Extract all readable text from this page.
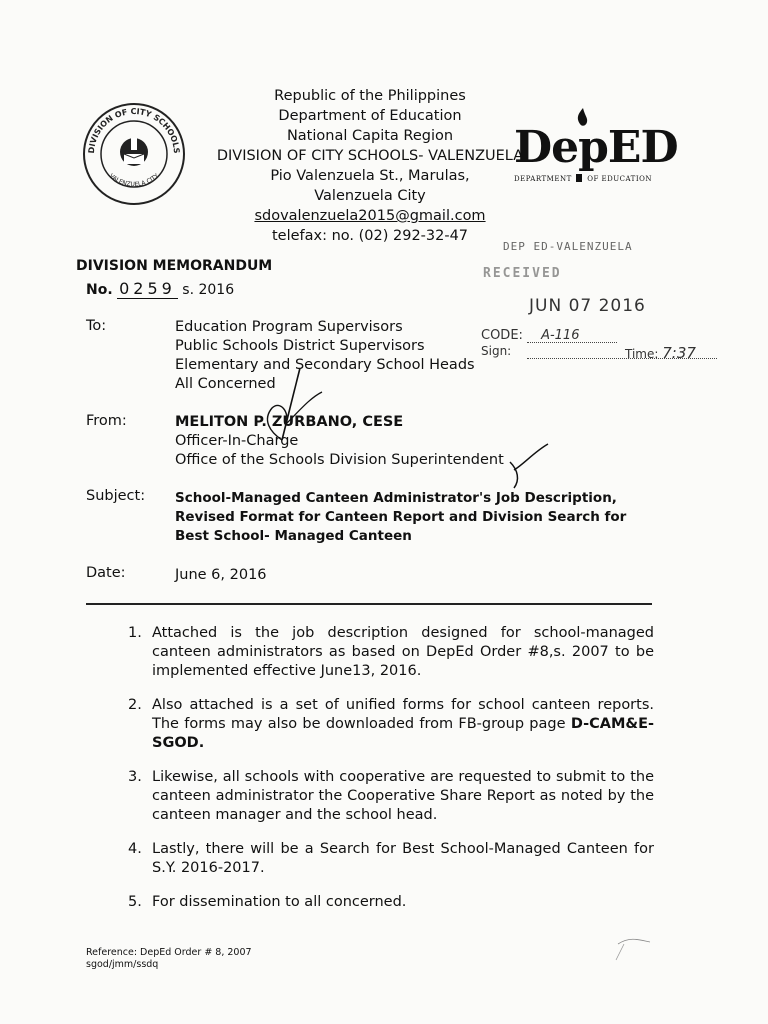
DIVISION OF CITY SCHOOLS
VALENZUELA CITY
Republic of the Philippines
Department of Education
National Capita Region
DIVISION OF CITY SCHOOLS- VALENZUELA
Pio Valenzuela St., Marulas,
Valenzuela City
sdovalenzuela2015@gmail.com
telefax: no. (02) 292-32-47
DepED
DEPARTMENT OF EDUCATION
DEP ED-VALENZUELA
RECEIVED
JUN 07 2016
CODE: A-116
Sign:	Time: 7:37
DIVISION MEMORANDUM
No. 0259 s. 2016
To:	Education Program Supervisors
Public Schools District Supervisors
Elementary and Secondary School Heads
All Concerned
From:	MELITON P. ZURBANO, CESE
Officer-In-Charge
Office of the Schools Division Superintendent
Subject: School-Managed Canteen Administrator's Job Description,
Revised Format for Canteen Report and Division Search for
Best School- Managed Canteen
Date:	June 6, 2016
1. Attached is the job description designed for school-managed canteen administrators as based on DepEd Order #8,s. 2007 to be implemented effective June13, 2016.
2. Also attached is a set of unified forms for school canteen reports. The forms may also be downloaded from FB-group page D-CAM&E-SGOD.
3. Likewise, all schools with cooperative are requested to submit to the canteen administrator the Cooperative Share Report as noted by the canteen manager and the school head.
4. Lastly, there will be a Search for Best School-Managed Canteen for S.Y. 2016-2017.
5. For dissemination to all concerned.
Reference: DepEd Order # 8, 2007
sgod/jmm/ssdq
